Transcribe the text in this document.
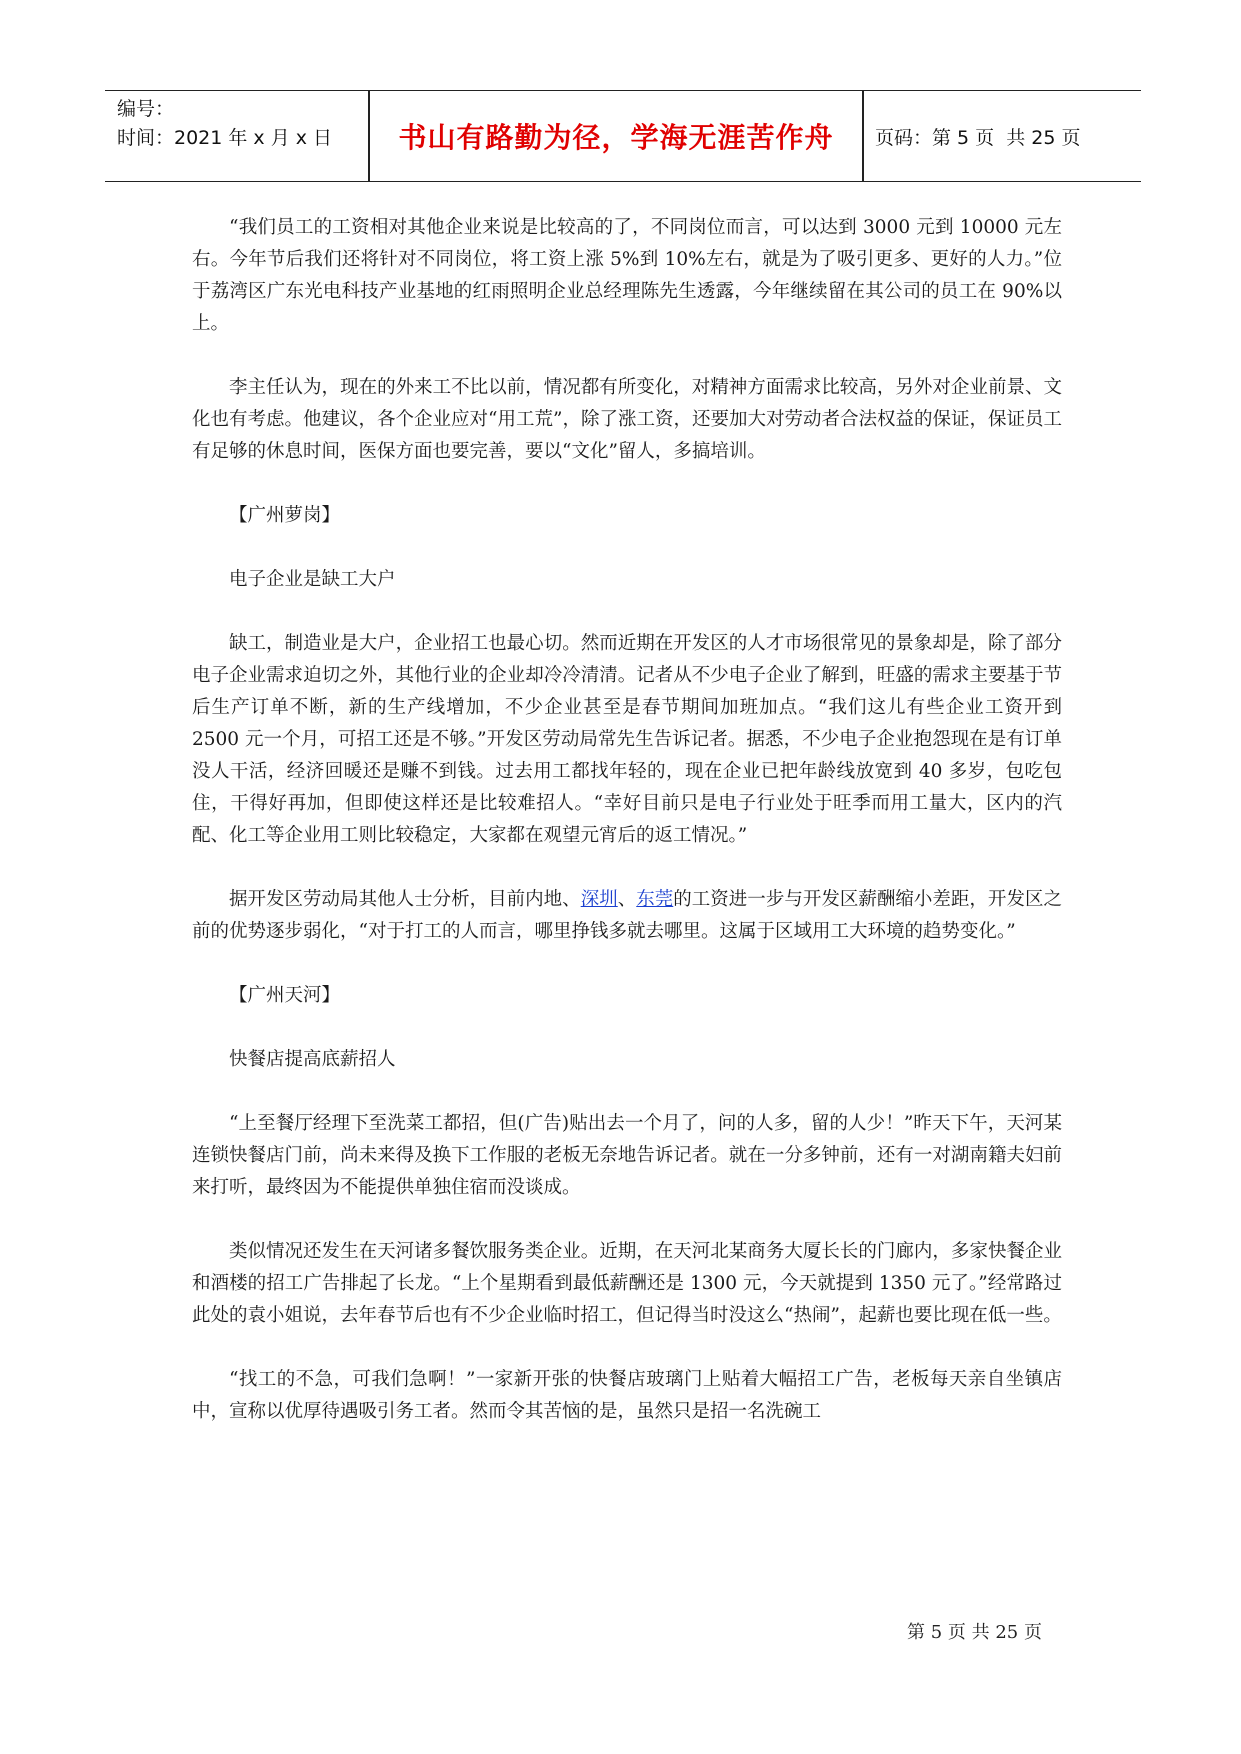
编号：
时间：2021 年 x 月 x 日	书山有路勤为径，学海无涯苦作舟	页码：第 5 页  共 25 页

“我们员工的工资相对其他企业来说是比较高的了，不同岗位而言，可以达到 3000 元到 10000 元左右。今年节后我们还将针对不同岗位，将工资上涨 5%到 10%左右，就是为了吸引更多、更好的人力。”位于荔湾区广东光电科技产业基地的红雨照明企业总经理陈先生透露，今年继续留在其公司的员工在 90%以上。

李主任认为，现在的外来工不比以前，情况都有所变化，对精神方面需求比较高，另外对企业前景、文化也有考虑。他建议，各个企业应对“用工荒”，除了涨工资，还要加大对劳动者合法权益的保证，保证员工有足够的休息时间，医保方面也要完善，要以“文化”留人，多搞培训。

【广州萝岗】

电子企业是缺工大户

缺工，制造业是大户，企业招工也最心切。然而近期在开发区的人才市场很常见的景象却是，除了部分电子企业需求迫切之外，其他行业的企业却冷冷清清。记者从不少电子企业了解到，旺盛的需求主要基于节后生产订单不断，新的生产线增加，不少企业甚至是春节期间加班加点。“我们这儿有些企业工资开到 2500 元一个月，可招工还是不够。”开发区劳动局常先生告诉记者。据悉，不少电子企业抱怨现在是有订单没人干活，经济回暖还是赚不到钱。过去用工都找年轻的，现在企业已把年龄线放宽到 40 多岁，包吃包住，干得好再加，但即使这样还是比较难招人。“幸好目前只是电子行业处于旺季而用工量大，区内的汽配、化工等企业用工则比较稳定，大家都在观望元宵后的返工情况。”

据开发区劳动局其他人士分析，目前内地、深圳、东莞的工资进一步与开发区薪酬缩小差距，开发区之前的优势逐步弱化，“对于打工的人而言，哪里挣钱多就去哪里。这属于区域用工大环境的趋势变化。”

【广州天河】

快餐店提高底薪招人

“上至餐厅经理下至洗菜工都招，但(广告)贴出去一个月了，问的人多，留的人少！”昨天下午，天河某连锁快餐店门前，尚未来得及换下工作服的老板无奈地告诉记者。就在一分多钟前，还有一对湖南籍夫妇前来打听，最终因为不能提供单独住宿而没谈成。

类似情况还发生在天河诸多餐饮服务类企业。近期，在天河北某商务大厦长长的门廊内，多家快餐企业和酒楼的招工广告排起了长龙。“上个星期看到最低薪酬还是 1300 元，今天就提到 1350 元了。”经常路过此处的袁小姐说，去年春节后也有不少企业临时招工，但记得当时没这么“热闹”，起薪也要比现在低一些。

“找工的不急，可我们急啊！”一家新开张的快餐店玻璃门上贴着大幅招工广告，老板每天亲自坐镇店中，宣称以优厚待遇吸引务工者。然而令其苦恼的是，虽然只是招一名洗碗工

第 5 页 共 25 页
